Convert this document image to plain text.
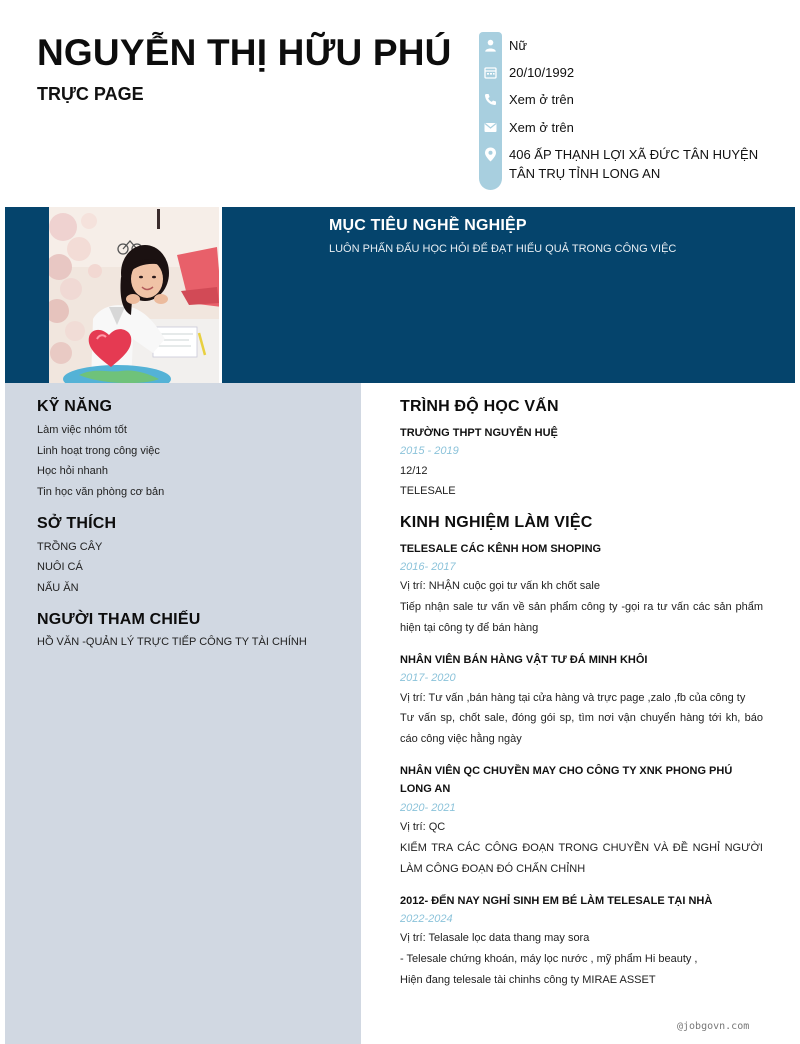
NGUYỄN THỊ HỮU PHÚ
TRỰC PAGE
Nữ
20/10/1992
Xem ở trên
Xem ở trên
406 ẤP THẠNH LỢI XÃ ĐỨC TÂN HUYỆN TÂN TRỤ TỈNH LONG AN
MỤC TIÊU NGHỀ NGHIỆP
LUÔN PHẤN ĐẤU HỌC HỎI ĐỂ ĐẠT HIỂU QUẢ TRONG CÔNG VIỆC
KỸ NĂNG
Làm việc nhóm tốt
Linh hoạt trong công việc
Học hỏi nhanh
Tin học văn phòng cơ bản
SỞ THÍCH
TRỒNG CÂY
NUÔI CÁ
NẤU ĂN
NGƯỜI THAM CHIẾU
HỒ VĂN -QUẢN LÝ TRỰC TIẾP CÔNG TY TÀI CHÍNH
TRÌNH ĐỘ HỌC VẤN
TRƯỜNG THPT NGUYỄN HUỆ
2015 - 2019
12/12
TELESALE
KINH NGHIỆM LÀM VIỆC
TELESALE CÁC KÊNH HOM SHOPING
2016- 2017
Vị trí: NHẬN cuộc gọi tư vấn kh chốt sale
Tiếp nhận sale tư vấn về sản phẩm công ty -gọi ra tư vấn các sản phẩm hiện tại công ty để bán hàng
NHÂN VIÊN BÁN HÀNG VẬT TƯ ĐÁ MINH KHÔI
2017- 2020
Vị trí: Tư vấn ,bán hàng tại cửa hàng và trực page ,zalo ,fb của công ty
Tư vấn sp, chốt sale, đóng gói sp, tìm nơi vận chuyển hàng tới kh, báo cáo công việc hằng ngày
NHÂN VIÊN QC CHUYỀN MAY CHO CÔNG TY XNK PHONG PHÚ LONG AN
2020- 2021
Vị trí: QC
KIỂM TRA CÁC CÔNG ĐOẠN TRONG CHUYỀN VÀ ĐỀ NGHỈ NGƯỜI LÀM CÔNG ĐOẠN ĐÓ CHẤN CHỈNH
2012- ĐẾN NAY NGHỈ SINH EM BÉ LÀM TELESALE TẠI NHÀ
2022-2024
Vị trí: Telasale lọc data thang may sora
- Telesale chứng khoán, máy lọc nước , mỹ phẩm Hi beauty ,
Hiện đang telesale tài chinhs công ty MIRAE ASSET
@jobgovn.com
